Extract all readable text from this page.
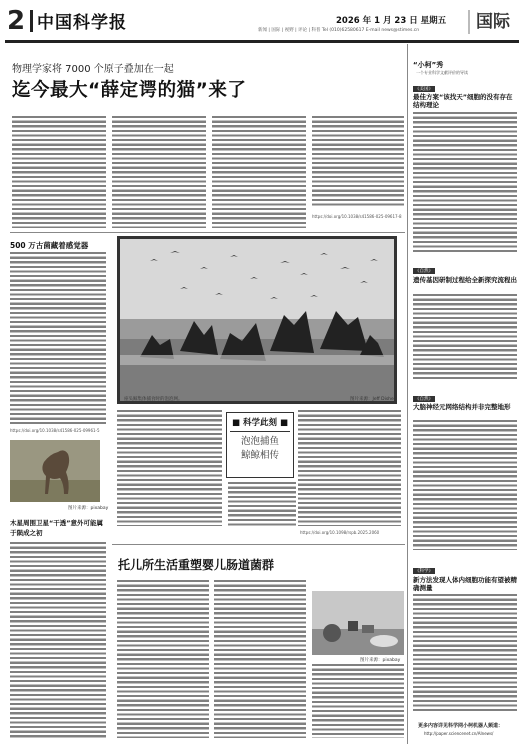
2 中国科学报	2026 年 1 月 23 日 星期五
新闻 | 国际 | 视野 | 评论 | 科普 Tel (010)62580617 E-mail news@stimes.cn	国际
物理学家将 7000 个原子叠加在一起
迄今最大“薛定谔的猫”来了
https://doi.org/10.1038/s41586-025-09617-8
500 万古菌藏着感觉器
https://doi.org/10.1038/s41586-025-09961-5
图片来源：pixabay
木星周围卫星“干透”意外可能属于陨成之初
座头鲸集体捕食时的泡泡网。	图片来源：Jeff Dishe
https://doi.org/10.1098/rspb.2025.2060
■ 科学此刻 ■
泡泡捕鱼
鲸鲸相传
托儿所生活重塑婴儿肠道菌群
图片来源：pixabay
“小柯”秀
一个专业科学文献评价的导读
《美国》
最佳方案“该找天”细胞的没有存在结构理论
《自然》
遗传基因研制过程给全新探究流程出
《自然》
大脑神经元网络结构并非完整地形
《科学》
新方法发现人体内细胞功能有望被精确测量
更多内容详见科学网小柯机器人频道：
http://paper.sciencenet.cn/AInews/
